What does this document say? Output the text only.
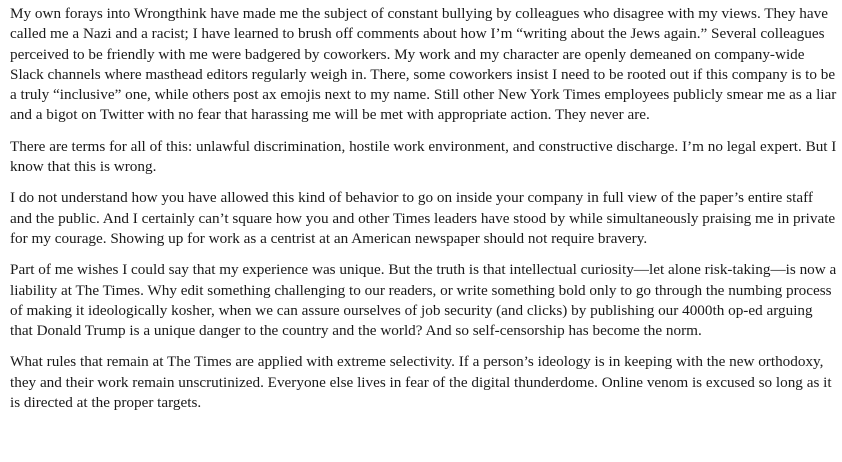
My own forays into Wrongthink have made me the subject of constant bullying by colleagues who disagree with my views. They have called me a Nazi and a racist; I have learned to brush off comments about how I’m “writing about the Jews again.” Several colleagues perceived to be friendly with me were badgered by coworkers. My work and my character are openly demeaned on company-wide Slack channels where masthead editors regularly weigh in. There, some coworkers insist I need to be rooted out if this company is to be a truly “inclusive” one, while others post ax emojis next to my name. Still other New York Times employees publicly smear me as a liar and a bigot on Twitter with no fear that harassing me will be met with appropriate action. They never are.

There are terms for all of this: unlawful discrimination, hostile work environment, and constructive discharge. I’m no legal expert. But I know that this is wrong.

I do not understand how you have allowed this kind of behavior to go on inside your company in full view of the paper’s entire staff and the public. And I certainly can’t square how you and other Times leaders have stood by while simultaneously praising me in private for my courage. Showing up for work as a centrist at an American newspaper should not require bravery.

Part of me wishes I could say that my experience was unique. But the truth is that intellectual curiosity—let alone risk-taking—is now a liability at The Times. Why edit something challenging to our readers, or write something bold only to go through the numbing process of making it ideologically kosher, when we can assure ourselves of job security (and clicks) by publishing our 4000th op-ed arguing that Donald Trump is a unique danger to the country and the world? And so self-censorship has become the norm.

What rules that remain at The Times are applied with extreme selectivity. If a person’s ideology is in keeping with the new orthodoxy, they and their work remain unscrutinized. Everyone else lives in fear of the digital thunderdome. Online venom is excused so long as it is directed at the proper targets.
